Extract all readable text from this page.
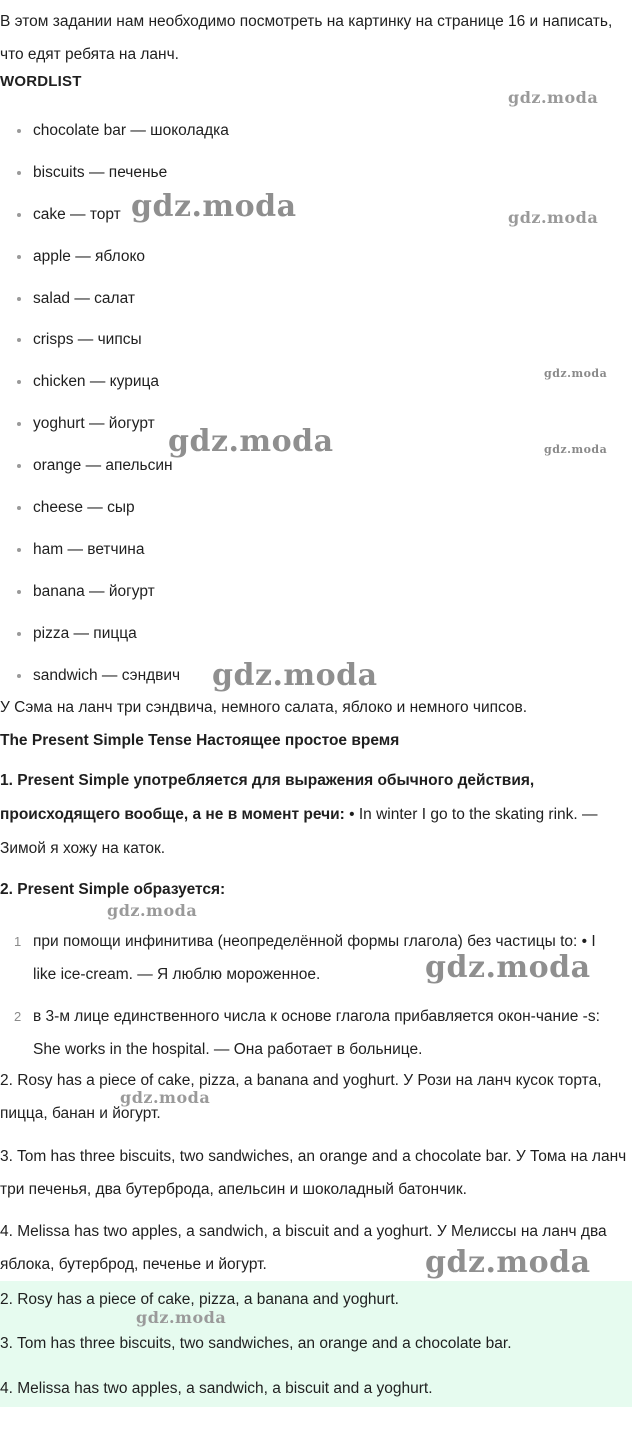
В этом задании нам необходимо посмотреть на картинку на странице 16 и написать, что едят ребята на ланч.

WORDLIST

chocolate bar — шоколадка
biscuits — печенье
cake — торт
apple — яблоко
salad — салат
crisps — чипсы
chicken — курица
yoghurt — йогурт
orange — апельсин
cheese — сыр
ham — ветчина
banana — йогурт
pizza — пицца
sandwich — сэндвич

У Сэма на ланч три сэндвича, немного салата, яблоко и немного чипсов.

The Present Simple Tense Настоящее простое время

1. Present Simple употребляется для выражения обычного действия, происходящего вообще, а не в момент речи: • In winter I go to the skating rink. — Зимой я хожу на каток.

2. Present Simple образуется:

1 при помощи инфинитива (неопределённой формы глагола) без частицы to: • I like ice-cream. — Я люблю мороженное.
2 в 3-м лице единственного числа к основе глагола прибавляется окон-чание -s: She works in the hospital. — Она работает в больнице.

2. Rosy has a piece of cake, pizza, a banana and yoghurt. У Рози на ланч кусок торта, пицца, банан и йогурт.

3. Tom has three biscuits, two sandwiches, an orange and a chocolate bar. У Тома на ланч три печенья, два бутерброда, апельсин и шоколадный батончик.

4. Melissa has two apples, a sandwich, a biscuit and a yoghurt. У Мелиссы на ланч два яблока, бутерброд, печенье и йогурт.

2. Rosy has a piece of cake, pizza, a banana and yoghurt.

3. Tom has three biscuits, two sandwiches, an orange and a chocolate bar.

4. Melissa has two apples, a sandwich, a biscuit and a yoghurt.

gdz.moda
gdz.moda	gdz.moda
gdz.moda
gdz.moda	gdz.moda
gdz.moda
gdz.moda
gdz.moda
gdz.moda
gdz.moda
gdz.moda
